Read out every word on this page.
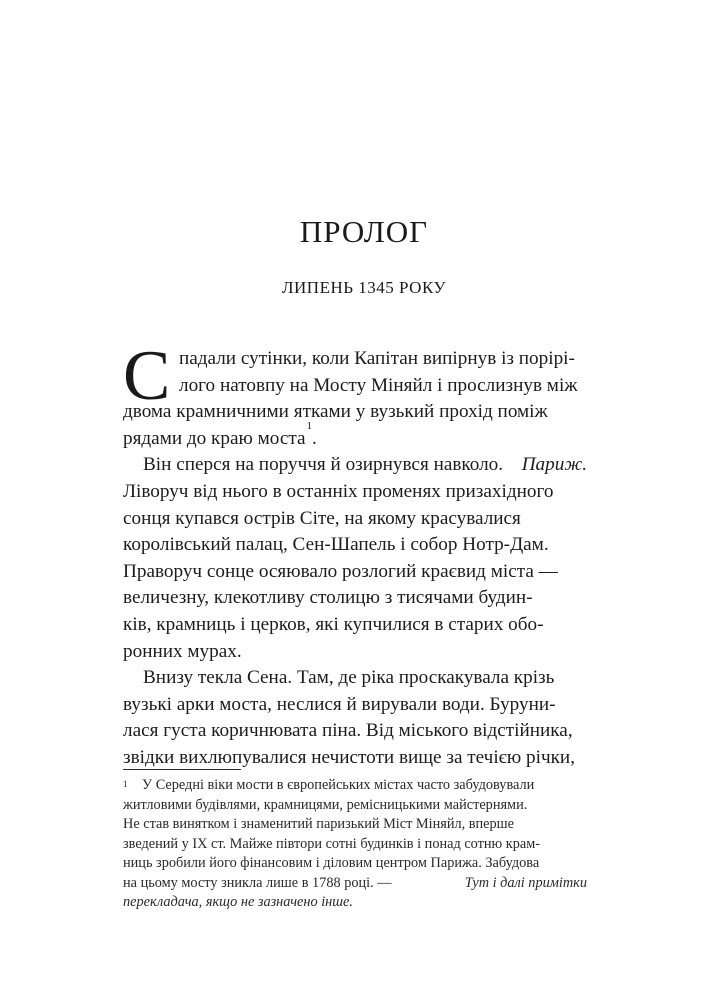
ПРОЛОГ
ЛИПЕНЬ 1345 РОКУ
С падали сутінки, коли Капітан випірнув із порірі-
лого натовпу на Мосту Міняйл і прослизнув між
двома крамничними ятками у вузький прохід поміж
рядами до краю моста
1
.
Він сперся на поруччя й озирнувся навколо. Париж.
Ліворуч від нього в останніх променях призахідного
сонця купався острів Сіте, на якому красувалися
королівський палац, Сен-Шапель і собор Нотр-Дам.
Праворуч сонце осяювало розлогий краєвид міста —
величезну, клекотливу столицю з тисячами будин-
ків, крамниць і церков, які купчилися в старих обо-
ронних мурах.
Внизу текла Сена. Там, де ріка проскакувала крізь
вузькі арки моста, неслися й вирували води. Буруни-
лася густа коричнювата піна. Від міського відстійника,
звідки вихлюпувалися нечистоти вище за течією річки,
1 У Середні віки мости в європейських містах часто забудовували
житловими будівлями, крамницями, ремісницькими майстернями.
Не став винятком і знаменитий паризький Міст Міняйл, вперше
зведений у IX ст. Майже півтори сотні будинків і понад сотню крам-
ниць зробили його фінансовим і діловим центром Парижа. Забудова
на цьому мосту зникла лише в 1788 році. —	Тут і далі примітки
перекладача, якщо не зазначено інше.
